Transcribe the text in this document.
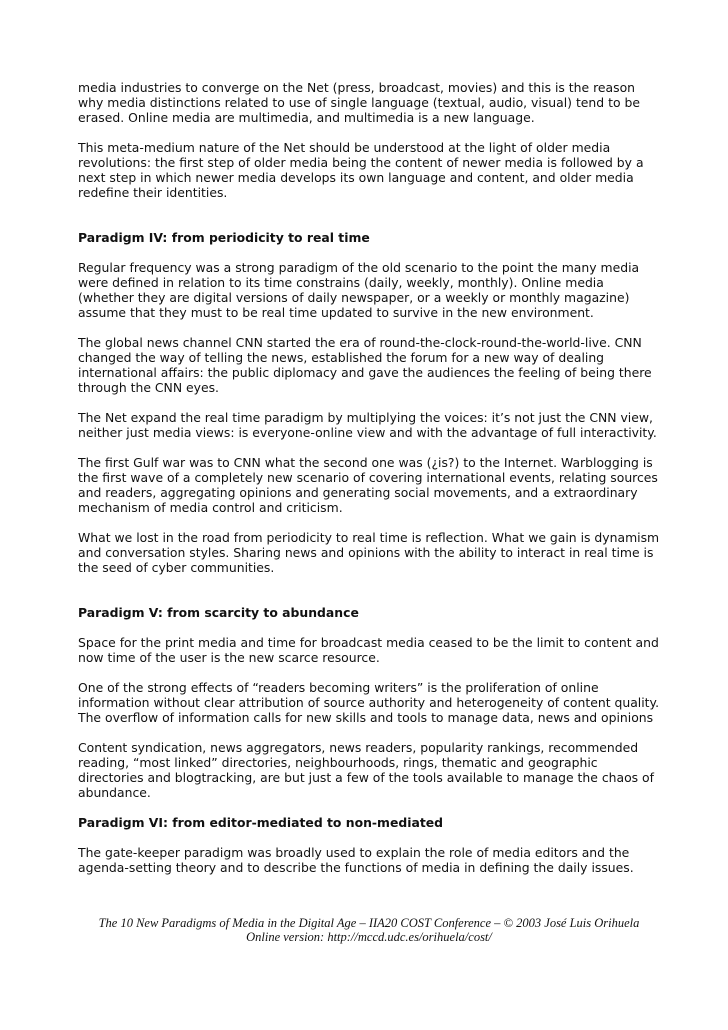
media industries to converge on the Net (press, broadcast, movies) and this is the reason why media distinctions related to use of single language (textual, audio, visual) tend to be erased. Online media are multimedia, and multimedia is a new language.

This meta-medium nature of the Net should be understood at the light of older media revolutions: the first step of older media being the content of newer media is followed by a next step in which newer media develops its own language and content, and older media redefine their identities.

Paradigm IV: from periodicity to real time

Regular frequency was a strong paradigm of the old scenario to the point the many media were defined in relation to its time constrains (daily, weekly, monthly). Online media (whether they are digital versions of daily newspaper, or a weekly or monthly magazine) assume that they must to be real time updated to survive in the new environment.

The global news channel CNN started the era of round-the-clock-round-the-world-live. CNN changed the way of telling the news, established the forum for a new way of dealing international affairs: the public diplomacy and gave the audiences the feeling of being there through the CNN eyes.

The Net expand the real time paradigm by multiplying the voices: it’s not just the CNN view, neither just media views: is everyone-online view and with the advantage of full interactivity.

The first Gulf war was to CNN what the second one was (¿is?) to the Internet. Warblogging is the first wave of a completely new scenario of covering international events, relating sources and readers, aggregating opinions and generating social movements, and a extraordinary mechanism of media control and criticism.

What we lost in the road from periodicity to real time is reflection. What we gain is dynamism and conversation styles. Sharing news and opinions with the ability to interact in real time is the seed of cyber communities.

Paradigm V: from scarcity to abundance

Space for the print media and time for broadcast media ceased to be the limit to content and now time of the user is the new scarce resource.

One of the strong effects of “readers becoming writers” is the proliferation of online information without clear attribution of source authority and heterogeneity of content quality. The overflow of information calls for new skills and tools to manage data, news and opinions

Content syndication, news aggregators, news readers, popularity rankings, recommended reading, “most linked” directories, neighbourhoods, rings, thematic and geographic directories and blogtracking, are but just a few of the tools available to manage the chaos of abundance.

Paradigm VI: from editor-mediated to non-mediated

The gate-keeper paradigm was broadly used to explain the role of media editors and the agenda-setting theory and to describe the functions of media in defining the daily issues.

The 10 New Paradigms of Media in the Digital Age – IIA20 COST Conference – © 2003 José Luis Orihuela
Online version: http://mccd.udc.es/orihuela/cost/
